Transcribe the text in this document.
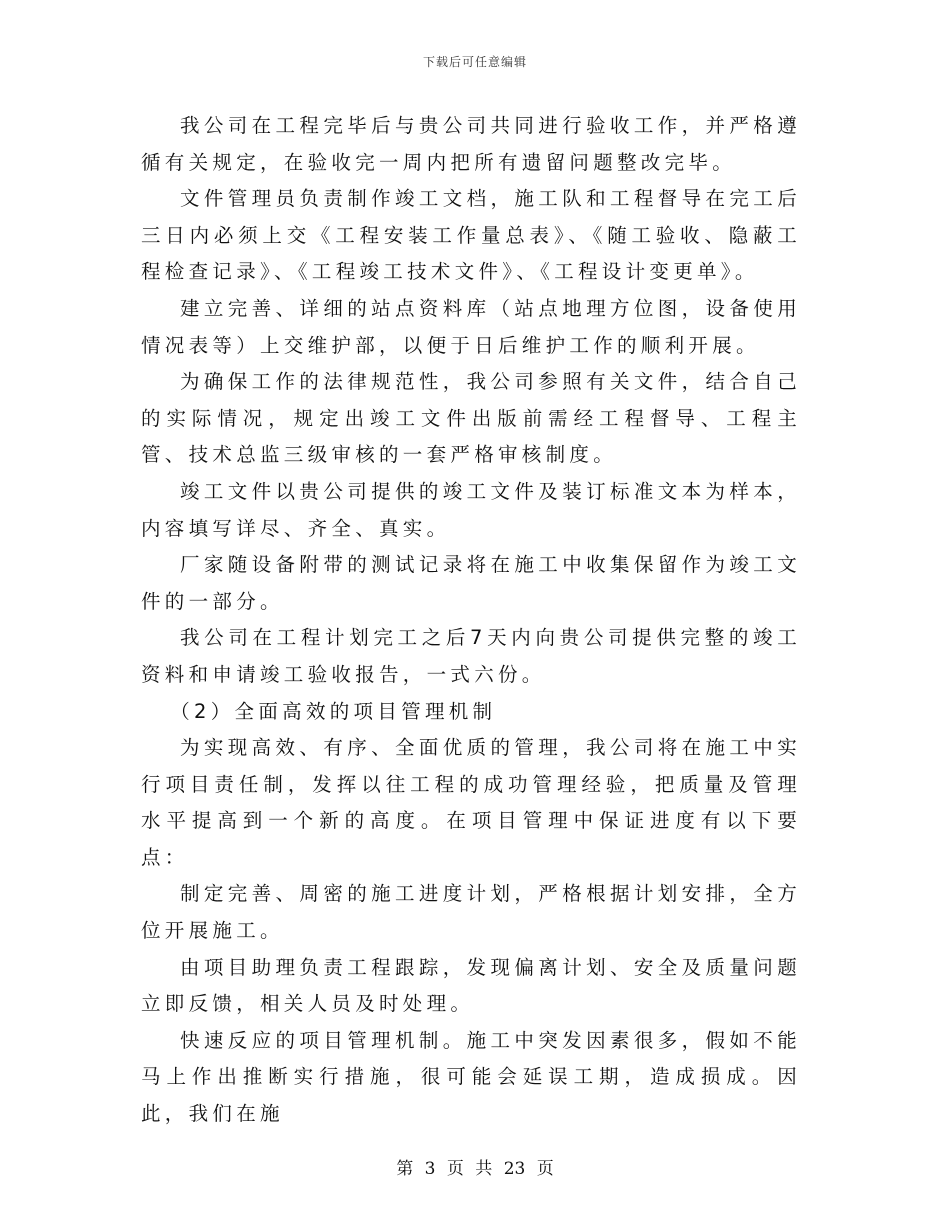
下载后可任意编辑

我公司在工程完毕后与贵公司共同进行验收工作，并严格遵循有关规定，在验收完一周内把所有遗留问题整改完毕。

文件管理员负责制作竣工文档，施工队和工程督导在完工后三日内必须上交《工程安装工作量总表》、《随工验收、隐蔽工程检查记录》、《工程竣工技术文件》、《工程设计变更单》。

建立完善、详细的站点资料库（站点地理方位图，设备使用情况表等）上交维护部，以便于日后维护工作的顺利开展。

为确保工作的法律规范性，我公司参照有关文件，结合自己的实际情况，规定出竣工文件出版前需经工程督导、工程主管、技术总监三级审核的一套严格审核制度。

竣工文件以贵公司提供的竣工文件及装订标准文本为样本，内容填写详尽、齐全、真实。

厂家随设备附带的测试记录将在施工中收集保留作为竣工文件的一部分。

我公司在工程计划完工之后7天内向贵公司提供完整的竣工资料和申请竣工验收报告，一式六份。

（2）全面高效的项目管理机制

为实现高效、有序、全面优质的管理，我公司将在施工中实行项目责任制，发挥以往工程的成功管理经验，把质量及管理水平提高到一个新的高度。在项目管理中保证进度有以下要点：

制定完善、周密的施工进度计划，严格根据计划安排，全方位开展施工。

由项目助理负责工程跟踪，发现偏离计划、安全及质量问题立即反馈，相关人员及时处理。

快速反应的项目管理机制。施工中突发因素很多，假如不能马上作出推断实行措施，很可能会延误工期，造成损成。因此，我们在施

第 3 页 共 23 页
